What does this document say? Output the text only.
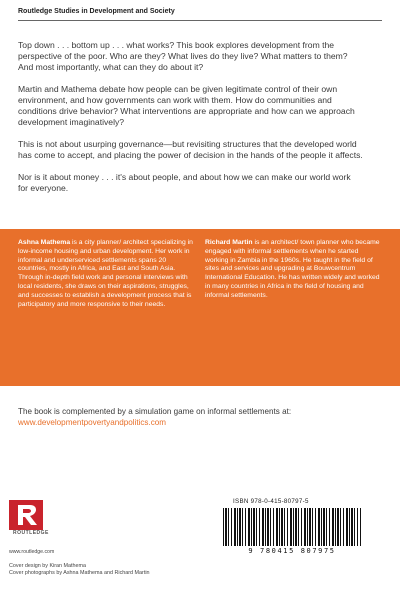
Routledge Studies in Development and Society

Top down . . . bottom up . . . what works? This book explores development from the perspective of the poor. Who are they? What lives do they live? What matters to them? And most importantly, what can they do about it?

Martin and Mathema debate how people can be given legitimate control of their own environment, and how governments can work with them. How do communities and conditions drive behavior? What interventions are appropriate and how can we approach development imaginatively?

This is not about usurping governance—but revisiting structures that the developed world has come to accept, and placing the power of decision in the hands of the people it affects.

Nor is it about money . . . it's about people, and about how we can make our world work for everyone.

Ashna Mathema is a city planner/ architect specializing in low-income housing and urban development. Her work in informal and underserviced settlements spans 20 countries, mostly in Africa, and East and South Asia. Through in-depth field work and personal interviews with local residents, she draws on their aspirations, struggles, and successes to establish a development process that is participatory and more responsive to their needs.
Richard Martin is an architect/ town planner who became engaged with informal settlements when he started working in Zambia in the 1960s. He taught in the field of sites and services and upgrading at Bouwcentrum International Education. He has written widely and worked in many countries in Africa in the field of housing and informal settlements.
The book is complemented by a simulation game on informal settlements at:
www.developmentpovertyandpolitics.com
ISBN 978-0-415-80797-5
9 780415 807975
ROUTLEDGE
www.routledge.com
Cover design by Kiran Mathema
Cover photographs by Ashna Mathema and Richard Martin
